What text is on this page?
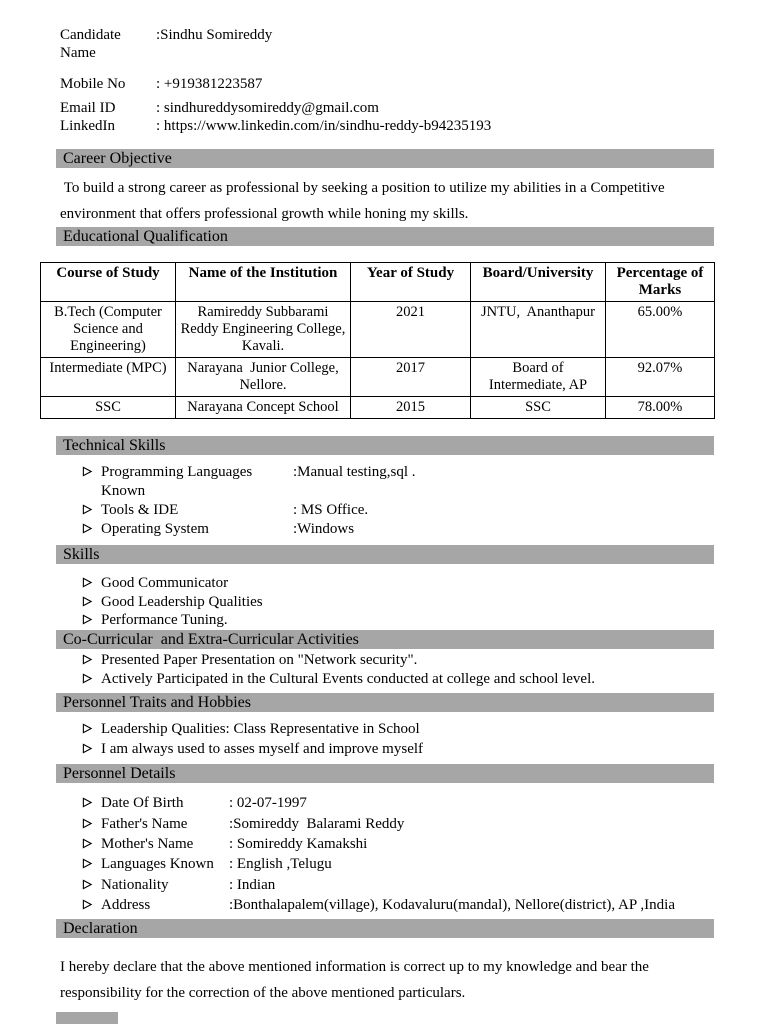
Candidate Name
:Sindhu Somireddy
Mobile No	: +919381223587
Email ID	: sindhureddysomireddy@gmail.com
LinkedIn	: https://www.linkedin.com/in/sindhu-reddy-b94235193
Career Objective
To build a strong career as professional by seeking a position to utilize my abilities in a Competitive environment that offers professional growth while honing my skills.
Educational Qualification
Course of Study	Name of the Institution	Year of Study	Board/University	Percentage of Marks
B.Tech (Computer Science and Engineering)	Ramireddy Subbarami Reddy Engineering College, Kavali.	2021	JNTU,  Ananthapur	65.00%
Intermediate (MPC)	Narayana  Junior College, Nellore.	2017	Board of Intermediate, AP	92.07%
SSC	Narayana Concept School	2015	SSC	78.00%
Technical Skills
Programming Languages Known
:Manual testing,sql .
Tools & IDE	: MS Office.
Operating System	:Windows
Skills
Good Communicator
Good Leadership Qualities
Performance Tuning.
Co-Curricular  and Extra-Curricular Activities
Presented Paper Presentation on "Network security".
Actively Participated in the Cultural Events conducted at college and school level.
Personnel Traits and Hobbies
Leadership Qualities: Class Representative in School
I am always used to asses myself and improve myself
Personnel Details
Date Of Birth	: 02-07-1997
Father's Name	:Somireddy  Balarami Reddy
Mother's Name	: Somireddy Kamakshi
Languages Known	: English ,Telugu
Nationality	: Indian
Address	:Bonthalapalem(village), Kodavaluru(mandal), Nellore(district), AP ,India
Declaration
I hereby declare that the above mentioned information is correct up to my knowledge and bear the responsibility for the correction of the above mentioned particulars.
